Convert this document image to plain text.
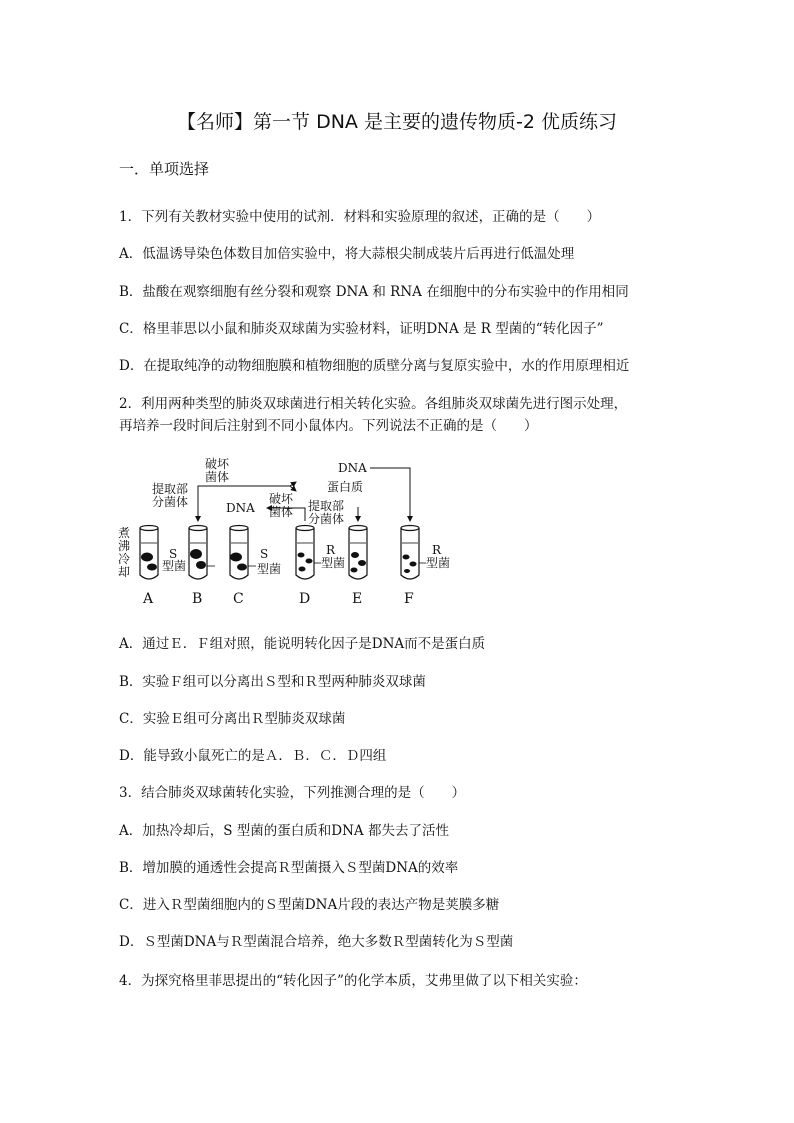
【名师】第一节 DNA 是主要的遗传物质-2 优质练习
一．单项选择
1．下列有关教材实验中使用的试剂．材料和实验原理的叙述，正确的是（　　）
A．低温诱导染色体数目加倍实验中，将大蒜根尖制成装片后再进行低温处理
B．盐酸在观察细胞有丝分裂和观察 DNA 和 RNA 在细胞中的分布实验中的作用相同
C．格里菲思以小鼠和肺炎双球菌为实验材料，证明DNA 是 R 型菌的“转化因子”
D．在提取纯净的动物细胞膜和植物细胞的质壁分离与复原实验中，水的作用原理相近
2．利用两种类型的肺炎双球菌进行相关转化实验。各组肺炎双球菌先进行图示处理，
再培养一段时间后注射到不同小鼠体内。下列说法不正确的是（　　）
煮
沸
冷
却
提取部
分菌体
破坏
菌体
DNA
蛋白质
DNA
破坏
菌体 提取部
分菌体
S
型菌
S
型菌
R
型菌
R
型菌
A	B C	D	E	F
A．通过Ｅ．Ｆ组对照，能说明转化因子是DNA而不是蛋白质
B．实验Ｆ组可以分离出Ｓ型和Ｒ型两种肺炎双球菌
C．实验Ｅ组可分离出Ｒ型肺炎双球菌
D．能导致小鼠死亡的是Ａ．Ｂ．Ｃ．Ｄ四组
3．结合肺炎双球菌转化实验，下列推测合理的是（　　）
A．加热冷却后，S 型菌的蛋白质和DNA 都失去了活性
B．增加膜的通透性会提高Ｒ型菌摄入Ｓ型菌DNA的效率
C．进入Ｒ型菌细胞内的Ｓ型菌DNA片段的表达产物是荚膜多糖
D．Ｓ型菌DNA与Ｒ型菌混合培养，绝大多数Ｒ型菌转化为Ｓ型菌
4．为探究格里菲思提出的“转化因子”的化学本质，艾弗里做了以下相关实验：
